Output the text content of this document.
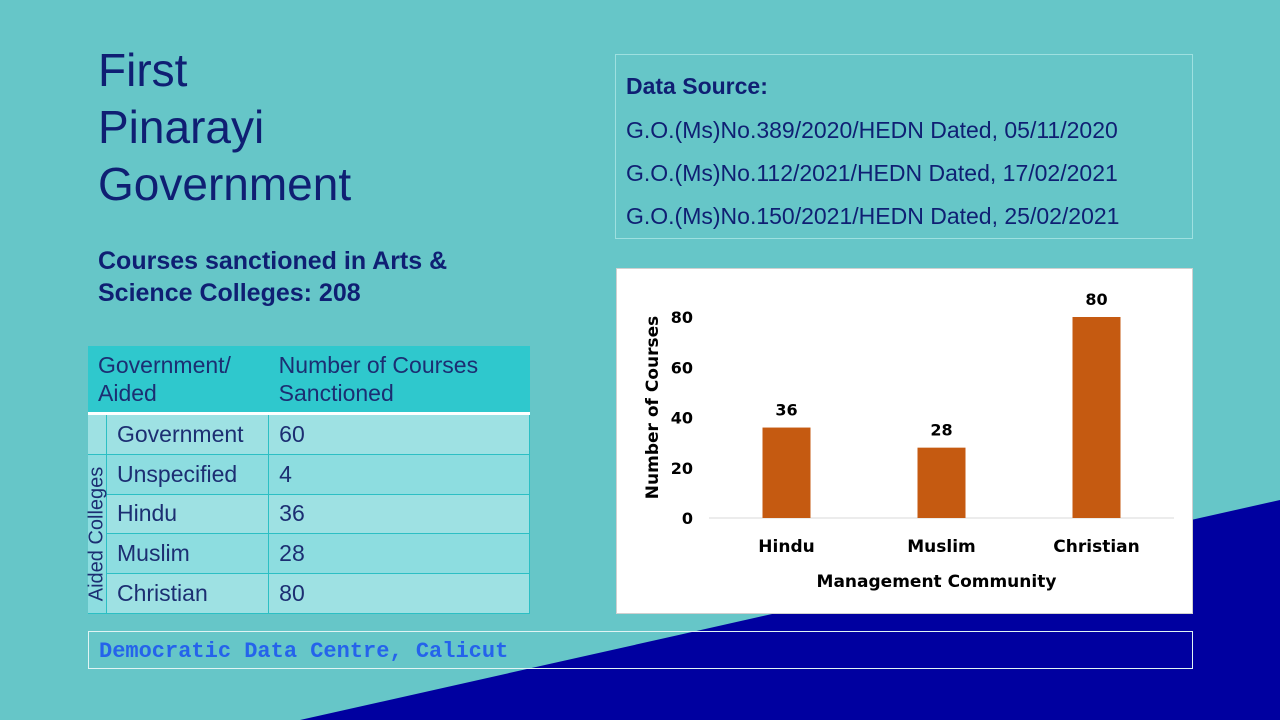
First
Pinarayi
Government
Courses sanctioned in Arts & Science Colleges: 208
Government/ Aided		Number of Courses Sanctioned
	Government	60

Aided Colleges	Unspecified	4
	Hindu	36
	Muslim	28
	Christian	80
Data Source:
G.O.(Ms)No.389/2020/HEDN Dated, 05/11/2020
G.O.(Ms)No.112/2021/HEDN Dated, 17/02/2021
G.O.(Ms)No.150/2021/HEDN Dated, 25/02/2021
0
20
40
60
80
36
28
80
Hindu	Muslim	Christian
Number of Courses
Management Community
Democratic Data Centre, Calicut
